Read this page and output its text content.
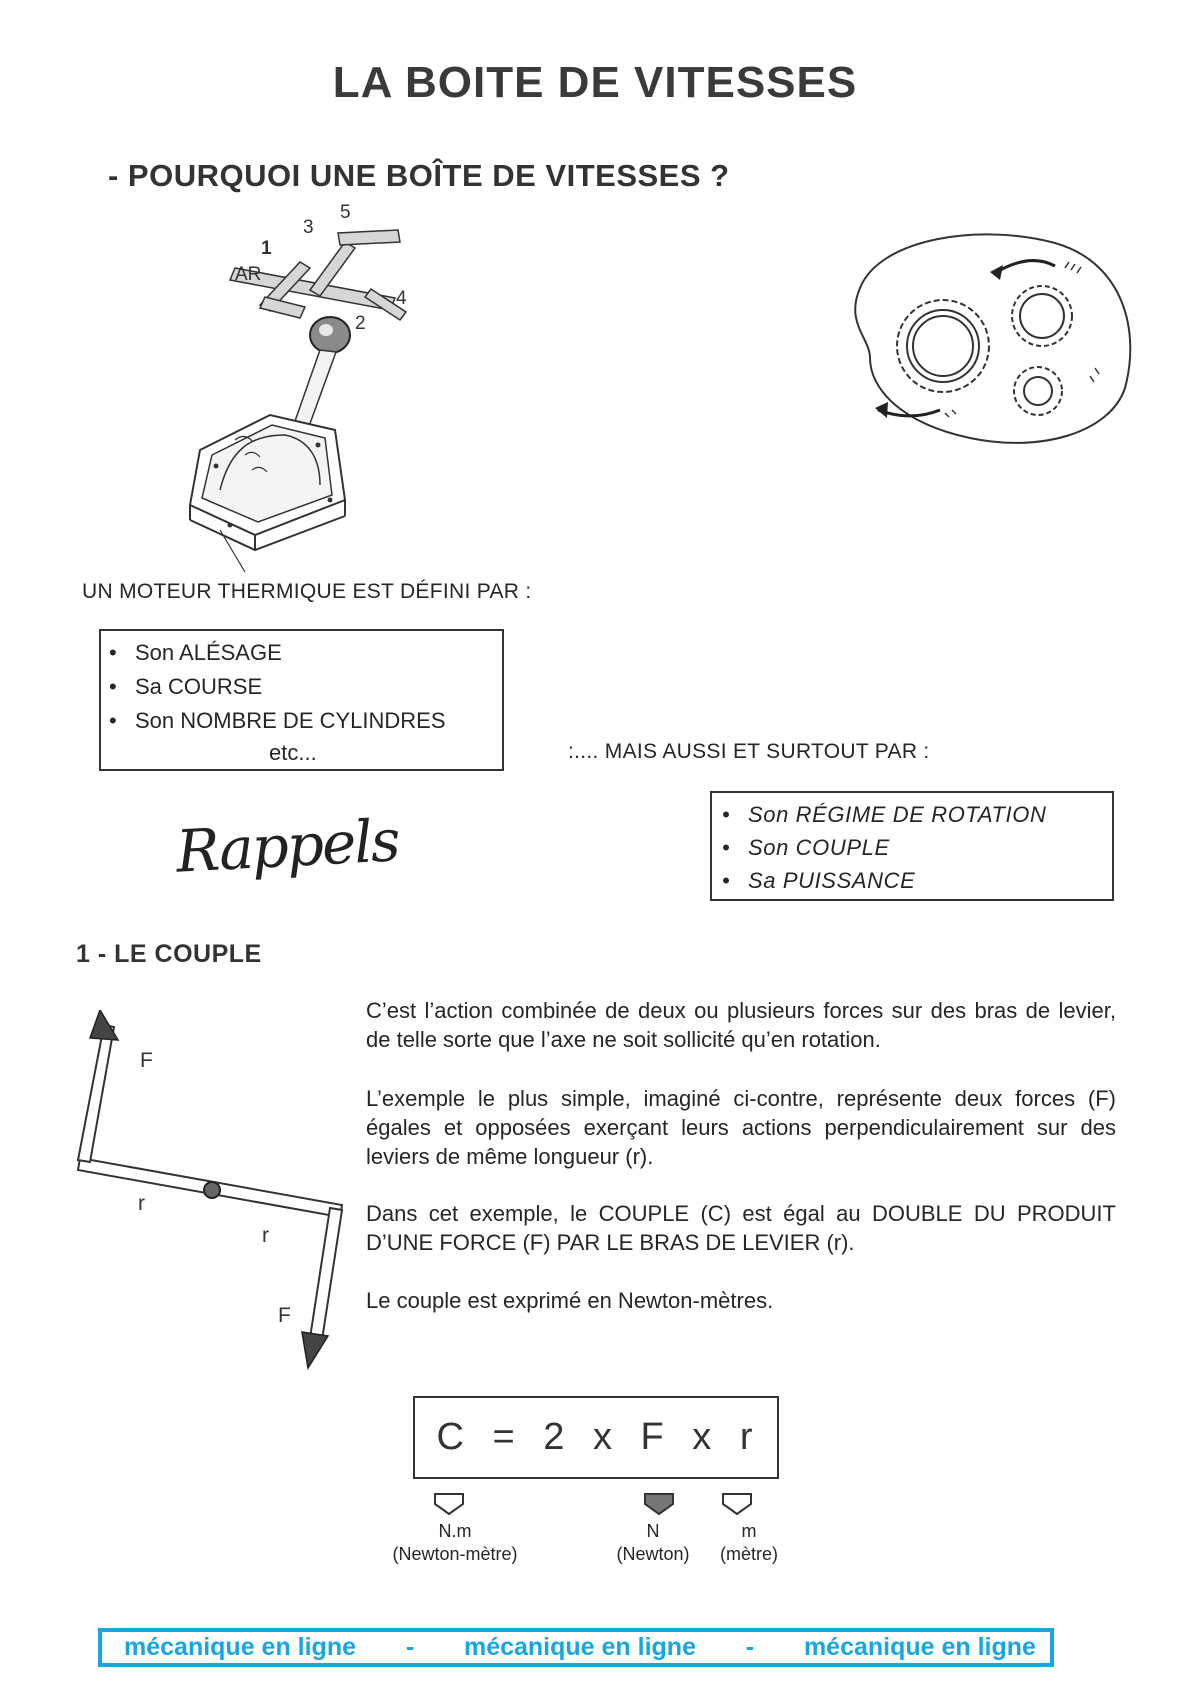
LA BOITE DE VITESSES
- POURQUOI UNE BOÎTE DE VITESSES ?
AR
1
3
5
4
2
UN MOTEUR THERMIQUE EST DÉFINI PAR :
• Son ALÉSAGE
• Sa COURSE
• Son NOMBRE DE CYLINDRES
etc...	:.... MAIS AUSSI ET SURTOUT PAR :
• Son RÉGIME DE ROTATION
• Son COUPLE
• Sa PUISSANCE
Rappels
1 - LE COUPLE
F
r
r
F
C’est l’action combinée de deux ou plusieurs forces sur des bras de levier, de telle sorte que l’axe ne soit sollicité qu’en rotation.
L’exemple le plus simple, imaginé ci-contre, représente deux forces (F) égales et opposées exerçant leurs actions perpendiculairement sur des leviers de même longueur (r).
Dans cet exemple, le COUPLE (C) est égal au DOUBLE DU PRODUIT D’UNE FORCE (F) PAR LE BRAS DE LEVIER (r).
Le couple est exprimé en Newton-mètres.
C = 2 x F x r
N.m
(Newton-mètre)
N
(Newton)
m
(mètre)
mécanique en ligne - mécanique en ligne - mécanique en ligne
